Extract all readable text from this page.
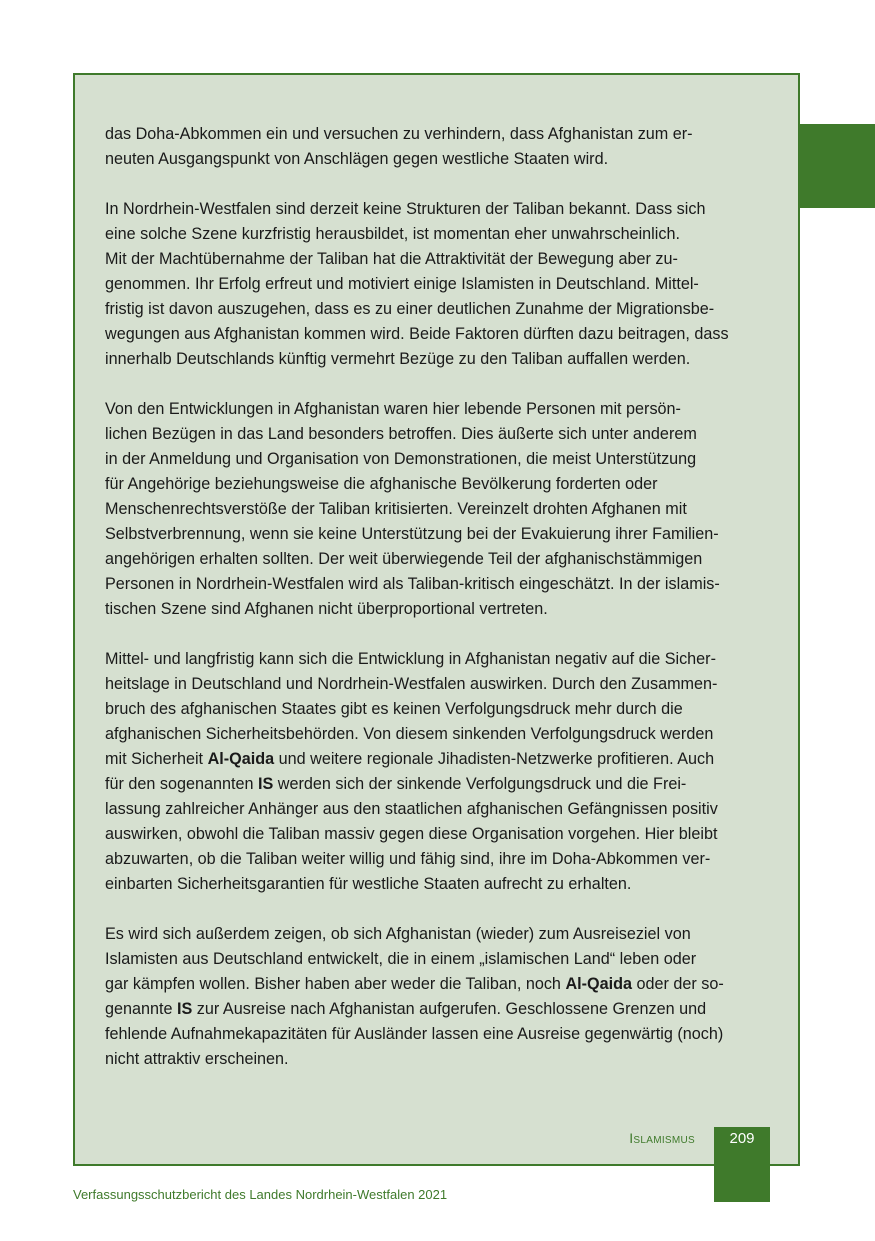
das Doha-Abkommen ein und versuchen zu verhindern, dass Afghanistan zum er-
neuten Ausgangspunkt von Anschlägen gegen westliche Staaten wird.

In Nordrhein-Westfalen sind derzeit keine Strukturen der Taliban bekannt. Dass sich
eine solche Szene kurzfristig herausbildet, ist momentan eher unwahrscheinlich.
Mit der Machtübernahme der Taliban hat die Attraktivität der Bewegung aber zu-
genommen. Ihr Erfolg erfreut und motiviert einige Islamisten in Deutschland. Mittel-
fristig ist davon auszugehen, dass es zu einer deutlichen Zunahme der Migrationsbe-
wegungen aus Afghanistan kommen wird. Beide Faktoren dürften dazu beitragen, dass
innerhalb Deutschlands künftig vermehrt Bezüge zu den Taliban auffallen werden.

Von den Entwicklungen in Afghanistan waren hier lebende Personen mit persön-
lichen Bezügen in das Land besonders betroffen. Dies äußerte sich unter anderem
in der Anmeldung und Organisation von Demonstrationen, die meist Unterstützung
für Angehörige beziehungsweise die afghanische Bevölkerung forderten oder
Menschenrechtsverstöße der Taliban kritisierten. Vereinzelt drohten Afghanen mit
Selbstverbrennung, wenn sie keine Unterstützung bei der Evakuierung ihrer Familien-
angehörigen erhalten sollten. Der weit überwiegende Teil der afghanischstämmigen
Personen in Nordrhein-Westfalen wird als Taliban-kritisch eingeschätzt. In der islamis-
tischen Szene sind Afghanen nicht überproportional vertreten.

Mittel- und langfristig kann sich die Entwicklung in Afghanistan negativ auf die Sicher-
heitslage in Deutschland und Nordrhein-Westfalen auswirken. Durch den Zusammen-
bruch des afghanischen Staates gibt es keinen Verfolgungsdruck mehr durch die
afghanischen Sicherheitsbehörden. Von diesem sinkenden Verfolgungsdruck werden
mit Sicherheit Al-Qaida und weitere regionale Jihadisten-Netzwerke profitieren. Auch
für den sogenannten IS werden sich der sinkende Verfolgungsdruck und die Frei-
lassung zahlreicher Anhänger aus den staatlichen afghanischen Gefängnissen positiv
auswirken, obwohl die Taliban massiv gegen diese Organisation vorgehen. Hier bleibt
abzuwarten, ob die Taliban weiter willig und fähig sind, ihre im Doha-Abkommen ver-
einbarten Sicherheitsgarantien für westliche Staaten aufrecht zu erhalten.

Es wird sich außerdem zeigen, ob sich Afghanistan (wieder) zum Ausreiseziel von
Islamisten aus Deutschland entwickelt, die in einem „islamischen Land“ leben oder
gar kämpfen wollen. Bisher haben aber weder die Taliban, noch Al-Qaida oder der so-
genannte IS zur Ausreise nach Afghanistan aufgerufen. Geschlossene Grenzen und
fehlende Aufnahmekapazitäten für Ausländer lassen eine Ausreise gegenwärtig (noch)
nicht attraktiv erscheinen.

Islamismus	209
Verfassungsschutzbericht des Landes Nordrhein-Westfalen 2021
